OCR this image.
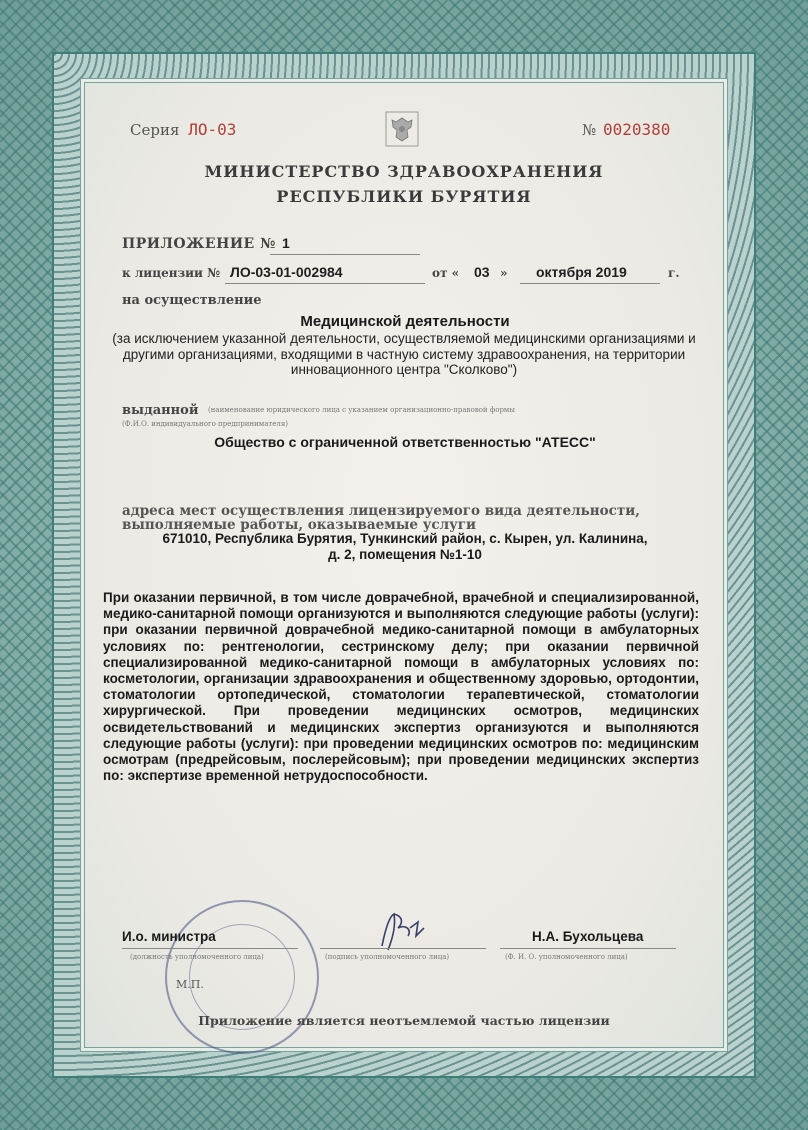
Серия ЛО-03	№ 0020380
МИНИСТЕРСТВО ЗДРАВООХРАНЕНИЯ
РЕСПУБЛИКИ БУРЯТИЯ
ПРИЛОЖЕНИЕ № 1
к лицензии № ЛО-03-01-002984	от « 03 » октября 2019	г.
на осуществление
Медицинской деятельности
(за исключением указанной деятельности, осуществляемой медицинскими организациями и другими организациями, входящими в частную систему здравоохранения, на территории инновационного центра "Сколково")
выданной (наименование юридического лица с указанием организационно-правовой формы
(Ф.И.О. индивидуального предпринимателя)
Общество с ограниченной ответственностью "АТЕСС"
адреса мест осуществления лицензируемого вида деятельности,
выполняемые работы, оказываемые услуги
671010, Республика Бурятия, Тункинский район, с. Кырен, ул. Калинина,
д. 2, помещения №1-10
При оказании первичной, в том числе доврачебной, врачебной и специализированной, медико-санитарной помощи организуются и выполняются следующие работы (услуги): при оказании первичной доврачебной медико-санитарной помощи в амбулаторных условиях по: рентгенологии, сестринскому делу; при оказании первичной специализированной медико-санитарной помощи в амбулаторных условиях по: косметологии, организации здравоохранения и общественному здоровью, ортодонтии, стоматологии ортопедической, стоматологии терапевтической, стоматологии хирургической. При проведении медицинских осмотров, медицинских освидетельствований и медицинских экспертиз организуются и выполняются следующие работы (услуги): при проведении медицинских осмотров по: медицинским осмотрам (предрейсовым, послерейсовым); при проведении медицинских экспертиз по: экспертизе временной нетрудоспособности.
И.о. министра
(должность уполномоченного лица)	(подпись уполномоченного лица)
Н.А. Бухольцева
(Ф. И. О. уполномоченного лица)
М.П.
Приложение является неотъемлемой частью лицензии
